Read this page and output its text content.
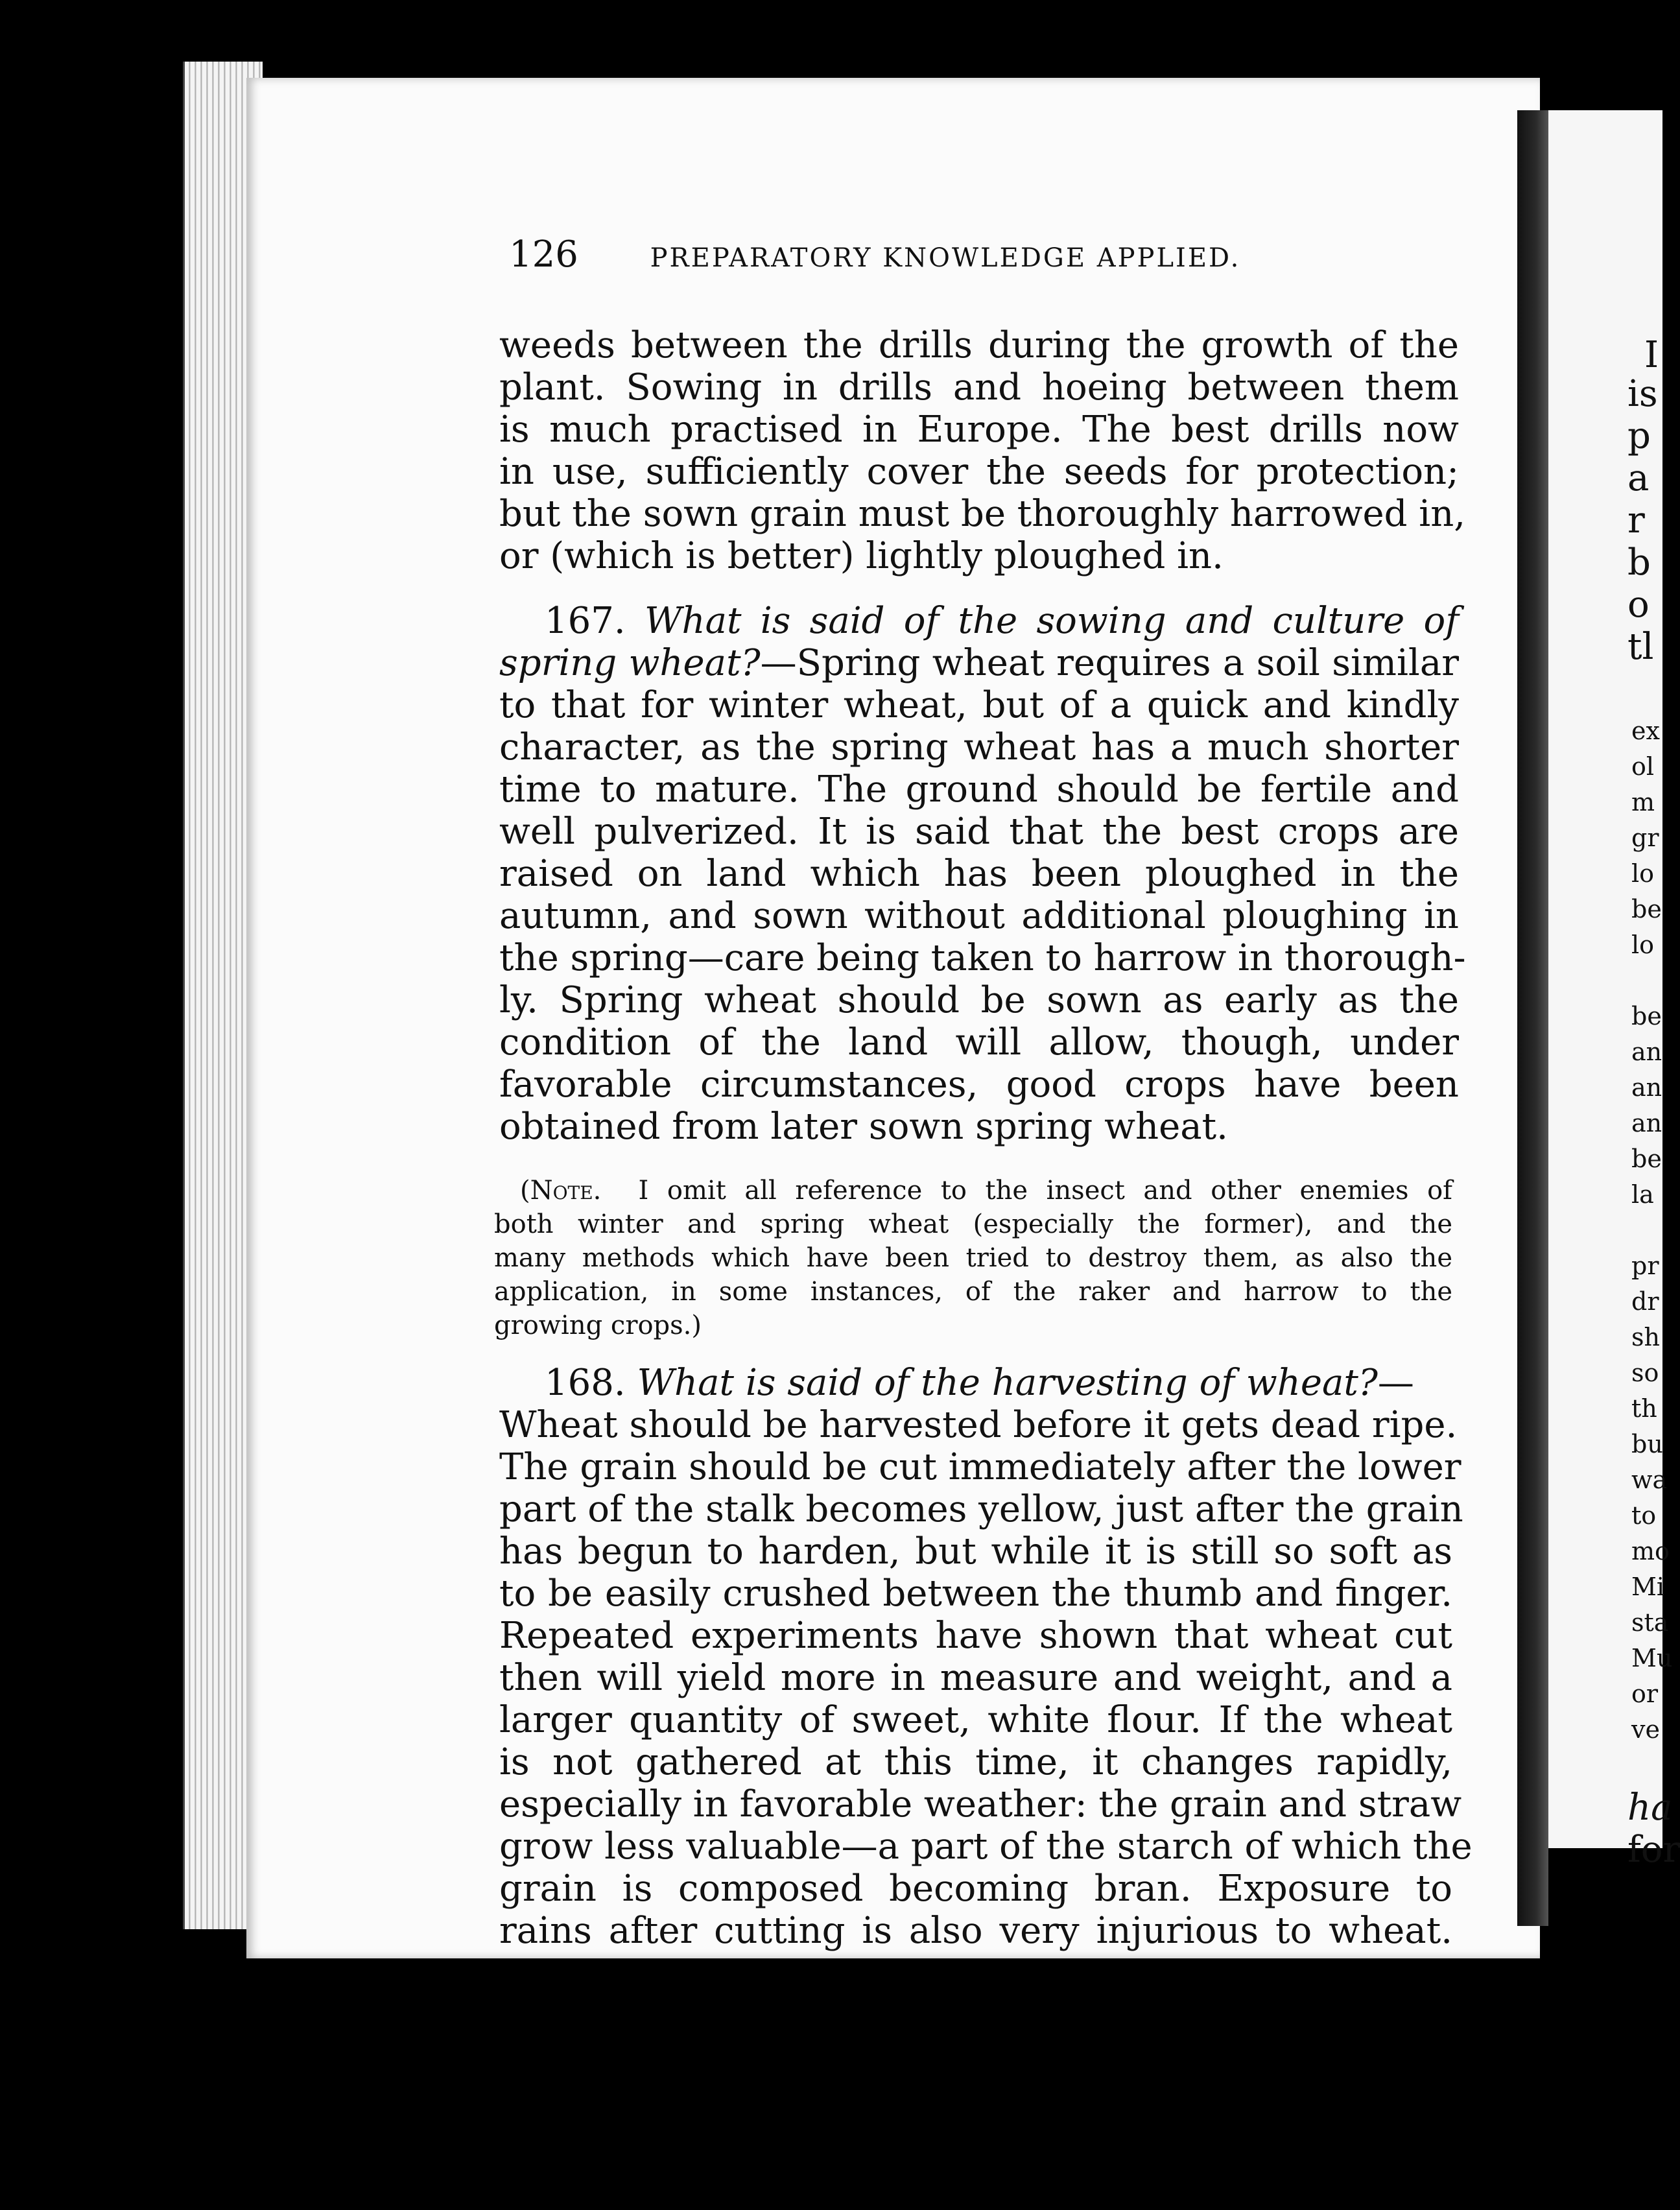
126	PREPARATORY KNOWLEDGE APPLIED.
weeds between the drills during the growth of the
plant. Sowing in drills and hoeing between them
is much practised in Europe. The best drills now
in use, sufficiently cover the seeds for protection;
but the sown grain must be thoroughly harrowed in,
or (which is better) lightly ploughed in.
167. What is said of the sowing and culture of
spring wheat?—Spring wheat requires a soil similar
to that for winter wheat, but of a quick and kindly
character, as the spring wheat has a much shorter
time to mature. The ground should be fertile and
well pulverized. It is said that the best crops are
raised on land which has been ploughed in the
autumn, and sown without additional ploughing in
the spring—care being taken to harrow in thorough-
ly. Spring wheat should be sown as early as the
condition of the land will allow, though, under
favorable circumstances, good crops have been
obtained from later sown spring wheat.
(Note. I omit all reference to the insect and other enemies of
both winter and spring wheat (especially the former), and the
many methods which have been tried to destroy them, as also the
application, in some instances, of the raker and harrow to the
growing crops.)
168. What is said of the harvesting of wheat?—
Wheat should be harvested before it gets dead ripe.
The grain should be cut immediately after the lower
part of the stalk becomes yellow, just after the grain
has begun to harden, but while it is still so soft as
to be easily crushed between the thumb and finger.
Repeated experiments have shown that wheat cut
then will yield more in measure and weight, and a
larger quantity of sweet, white flour. If the wheat
is not gathered at this time, it changes rapidly,
especially in favorable weather: the grain and straw
grow less valuable—a part of the starch of which the
grain is composed becoming bran. Exposure to
rains after cutting is also very injurious to wheat.
I
is
p
a
r
b
o
tl
ex
ol
m
gr
lo
be
lo
be
an
an
an
be
la
pr
dr
sh
so
th
bu
wa
to
mo
Mi
sta
Mu
or
ve
ha
for
